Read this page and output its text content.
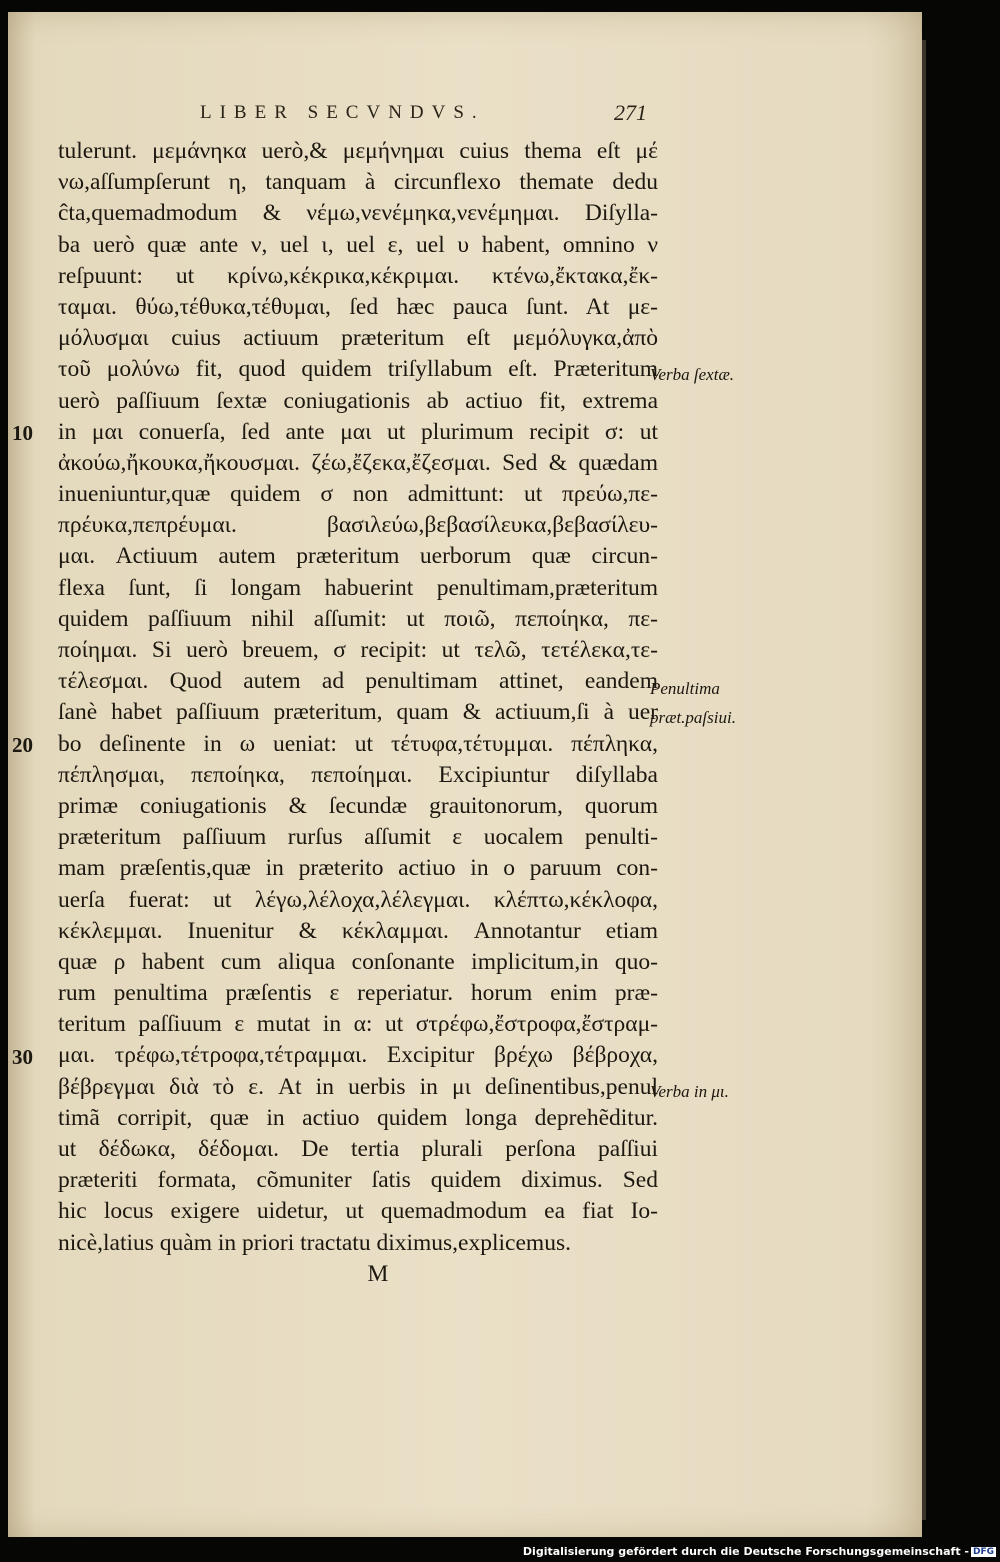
LIBER SECVNDVS.	271
tulerunt. μεμάνηκα uerò,& μεμήνημαι cuius thema eſt μέ
νω,aſſumpſerunt η, tanquam à circunflexo themate dedu
ĉta,quemadmodum & νέμω,νενέμηκα,νενέμημαι. Diſylla-
ba uerò quæ ante ν, uel ι, uel ε, uel υ habent, omnino ν
reſpuunt: ut κρίνω,κέκρικα,κέκριμαι. κτένω,ἔκτακα,ἔκ-
ταμαι. θύω,τέθυκα,τέθυμαι, ſed hæc pauca ſunt. At με-
μόλυσμαι cuius actiuum præteritum eſt μεμόλυγκα,ἀπὸ
τοῦ μολύνω fit, quod quidem triſyllabum eſt. Præteritum
uerò paſſiuum ſextæ coniugationis ab actiuo fit, extrema
in μαι conuerſa, ſed ante μαι ut plurimum recipit σ: ut
ἀκούω,ἤκουκα,ἤκουσμαι. ζέω,ἔζεκα,ἔζεσμαι. Sed & quædam
inueniuntur,quæ quidem σ non admittunt: ut πρεύω,πε-
πρέυκα,πεπρέυμαι. βασιλεύω,βεβασίλευκα,βεβασίλευ-
μαι. Actiuum autem præteritum uerborum quæ circun-
flexa ſunt, ſi longam habuerint penultimam,præteritum
quidem paſſiuum nihil aſſumit: ut ποιῶ, πεποίηκα, πε-
ποίημαι. Si uerò breuem, σ recipit: ut τελῶ, τετέλεκα,τε-
τέλεσμαι. Quod autem ad penultimam attinet, eandem
ſanè habet paſſiuum præteritum, quam & actiuum,ſi à uer
bo deſinente in ω ueniat: ut τέτυφα,τέτυμμαι. πέπληκα,
πέπλησμαι, πεποίηκα, πεποίημαι. Excipiuntur diſyllaba
primæ coniugationis & ſecundæ grauitonorum, quorum
præteritum paſſiuum rurſus aſſumit ε uocalem penulti-
mam præſentis,quæ in præterito actiuo in ο paruum con-
uerſa fuerat: ut λέγω,λέλοχα,λέλεγμαι. κλέπτω,κέκλοφα,
κέκλεμμαι. Inuenitur & κέκλαμμαι. Annotantur etiam
quæ ρ habent cum aliqua conſonante implicitum,in quo-
rum penultima præſentis ε reperiatur. horum enim præ-
teritum paſſiuum ε mutat in α: ut στρέφω,ἔστροφα,ἔστραμ-
μαι. τρέφω,τέτροφα,τέτραμμαι. Excipitur βρέχω βέβροχα,
βέβρεγμαι διὰ τὸ ε. At in uerbis in μι deſinentibus,penul
timã corripit, quæ in actiuo quidem longa deprehẽditur.
ut δέδωκα, δέδομαι. De tertia plurali perſona paſſiui
præteriti formata, cõmuniter ſatis quidem diximus. Sed
hic locus exigere uidetur, ut quemadmodum ea fiat Io-
nicè,latius quàm in priori tractatu diximus,explicemus.
M
Verba ſextæ.
Penultima
præt.paſsiui.
Verba in μι.
10
20
30
Digitalisierung gefördert durch die Deutsche Forschungsgemeinschaft - DFG
